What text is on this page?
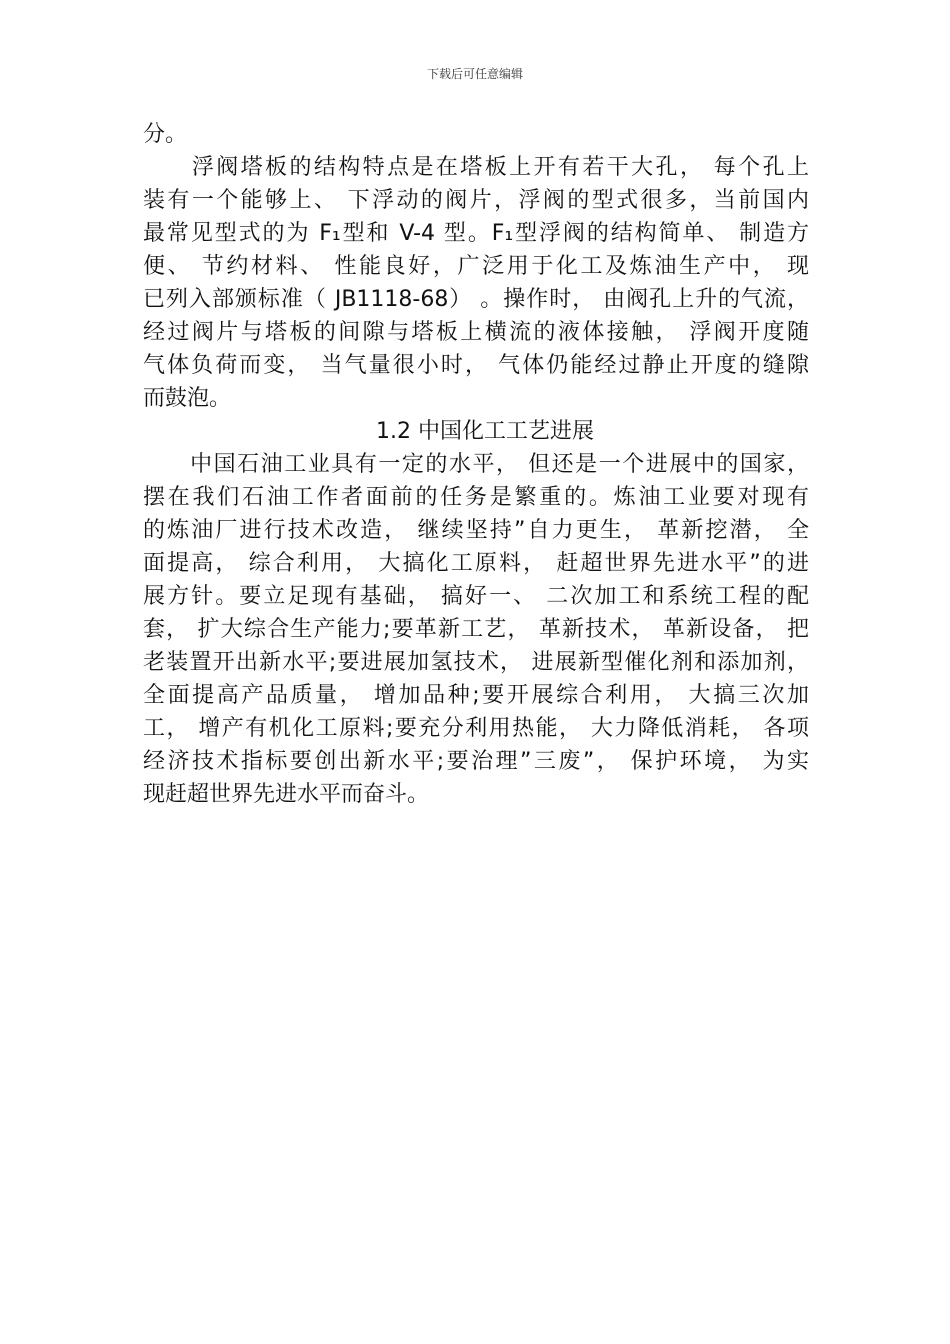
下载后可任意编辑
分。
　　浮阀塔板的结构特点是在塔板上开有若干大孔， 每个孔上
装有一个能够上、 下浮动的阀片，浮阀的型式很多，当前国内
最常见型式的为 F₁型和 V-4 型。F₁型浮阀的结构简单、 制造方
便、 节约材料、 性能良好，广泛用于化工及炼油生产中， 现
已列入部颁标准（ JB1118-68） 。操作时， 由阀孔上升的气流，
经过阀片与塔板的间隙与塔板上横流的液体接触， 浮阀开度随
气体负荷而变， 当气量很小时， 气体仍能经过静止开度的缝隙
而鼓泡。
1.2 中国化工工艺进展
　　中国石油工业具有一定的水平， 但还是一个进展中的国家，
摆在我们石油工作者面前的任务是繁重的。炼油工业要对现有
的炼油厂进行技术改造， 继续坚持”自力更生， 革新挖潜， 全
面提高， 综合利用， 大搞化工原料， 赶超世界先进水平”的进
展方针。要立足现有基础， 搞好一、 二次加工和系统工程的配
套， 扩大综合生产能力;要革新工艺， 革新技术， 革新设备， 把
老装置开出新水平;要进展加氢技术， 进展新型催化剂和添加剂，
全面提高产品质量， 增加品种;要开展综合利用， 大搞三次加
工， 增产有机化工原料;要充分利用热能， 大力降低消耗， 各项
经济技术指标要创出新水平;要治理”三废”， 保护环境， 为实
现赶超世界先进水平而奋斗。
